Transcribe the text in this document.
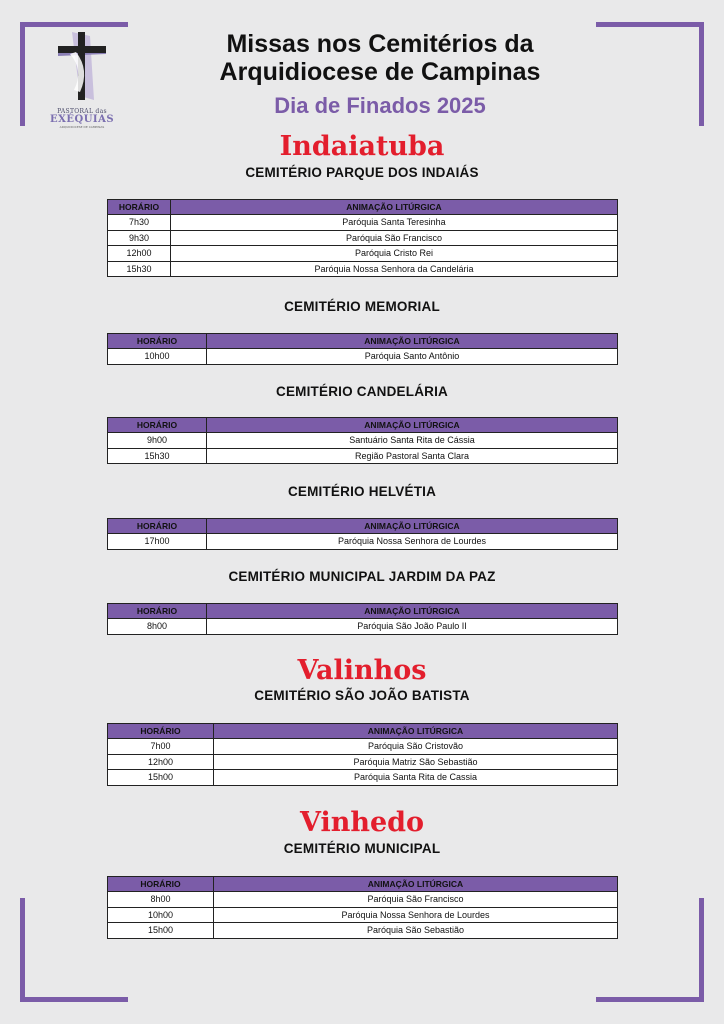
PASTORAL das
EXÉQUIAS
ARQUIDIOCESE DE CAMPINAS
Missas nos Cemitérios da
Arquidiocese de Campinas
Dia de Finados 2025
Indaiatuba
CEMITÉRIO PARQUE DOS INDAIÁS
HORÁRIO	ANIMAÇÃO LITÚRGICA
7h30	Paróquia Santa Teresinha
9h30	Paróquia São Francisco
12h00	Paróquia Cristo Rei
15h30	Paróquia Nossa Senhora da Candelária
CEMITÉRIO MEMORIAL
HORÁRIO	ANIMAÇÃO LITÚRGICA
10h00	Paróquia Santo Antônio
CEMITÉRIO CANDELÁRIA
HORÁRIO	ANIMAÇÃO LITÚRGICA
9h00	Santuário Santa Rita de Cássia
15h30	Região Pastoral Santa Clara
CEMITÉRIO HELVÉTIA
HORÁRIO	ANIMAÇÃO LITÚRGICA
17h00	Paróquia Nossa Senhora de Lourdes
CEMITÉRIO MUNICIPAL JARDIM DA PAZ
HORÁRIO	ANIMAÇÃO LITÚRGICA
8h00	Paróquia São João Paulo II
Valinhos
CEMITÉRIO SÃO JOÃO BATISTA
HORÁRIO	ANIMAÇÃO LITÚRGICA
7h00	Paróquia São Cristovão
12h00	Paróquia Matriz São Sebastião
15h00	Paróquia Santa Rita de Cassia
Vinhedo
CEMITÉRIO MUNICIPAL
HORÁRIO	ANIMAÇÃO LITÚRGICA
8h00	Paróquia São Francisco
10h00	Paróquia Nossa Senhora de Lourdes
15h00	Paróquia São Sebastião
